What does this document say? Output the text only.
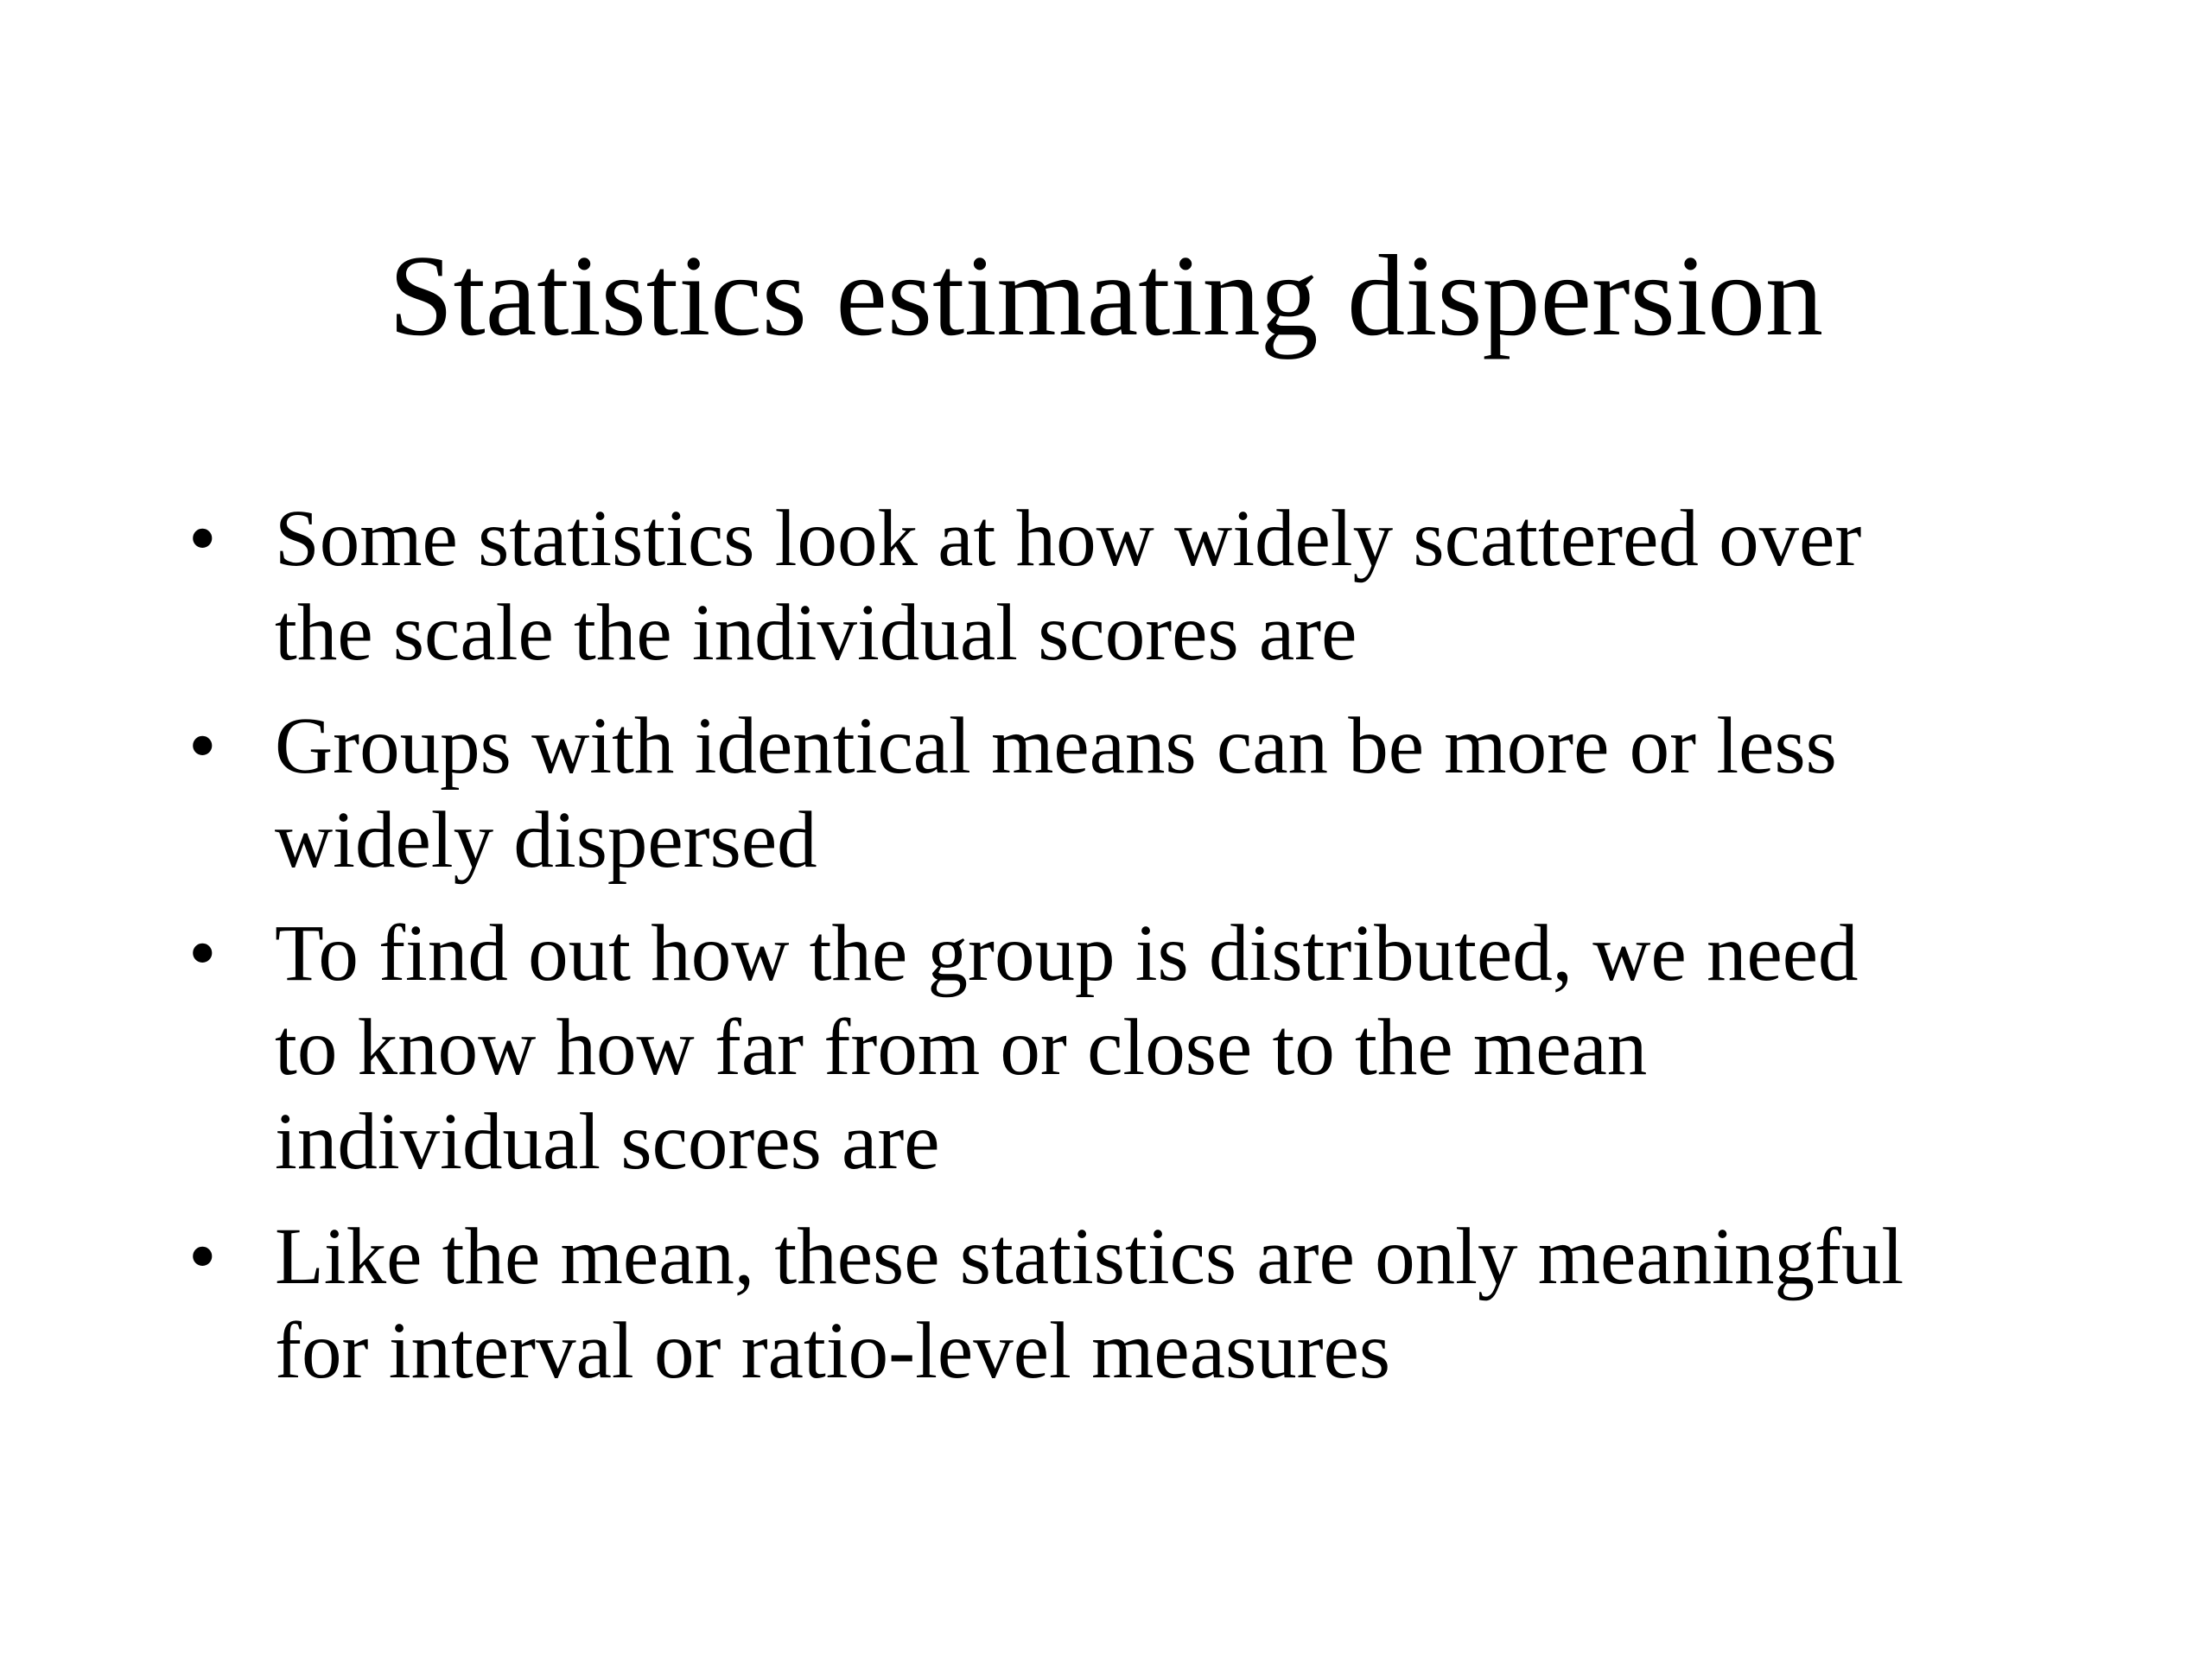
Statistics estimating dispersion
• Some statistics look at how widely scattered over
the scale the individual scores are
• Groups with identical means can be more or less
widely dispersed
• To find out how the group is distributed, we need
to know how far from or close to the mean
individual scores are
• Like the mean, these statistics are only meaningful
for interval or ratio-level measures
